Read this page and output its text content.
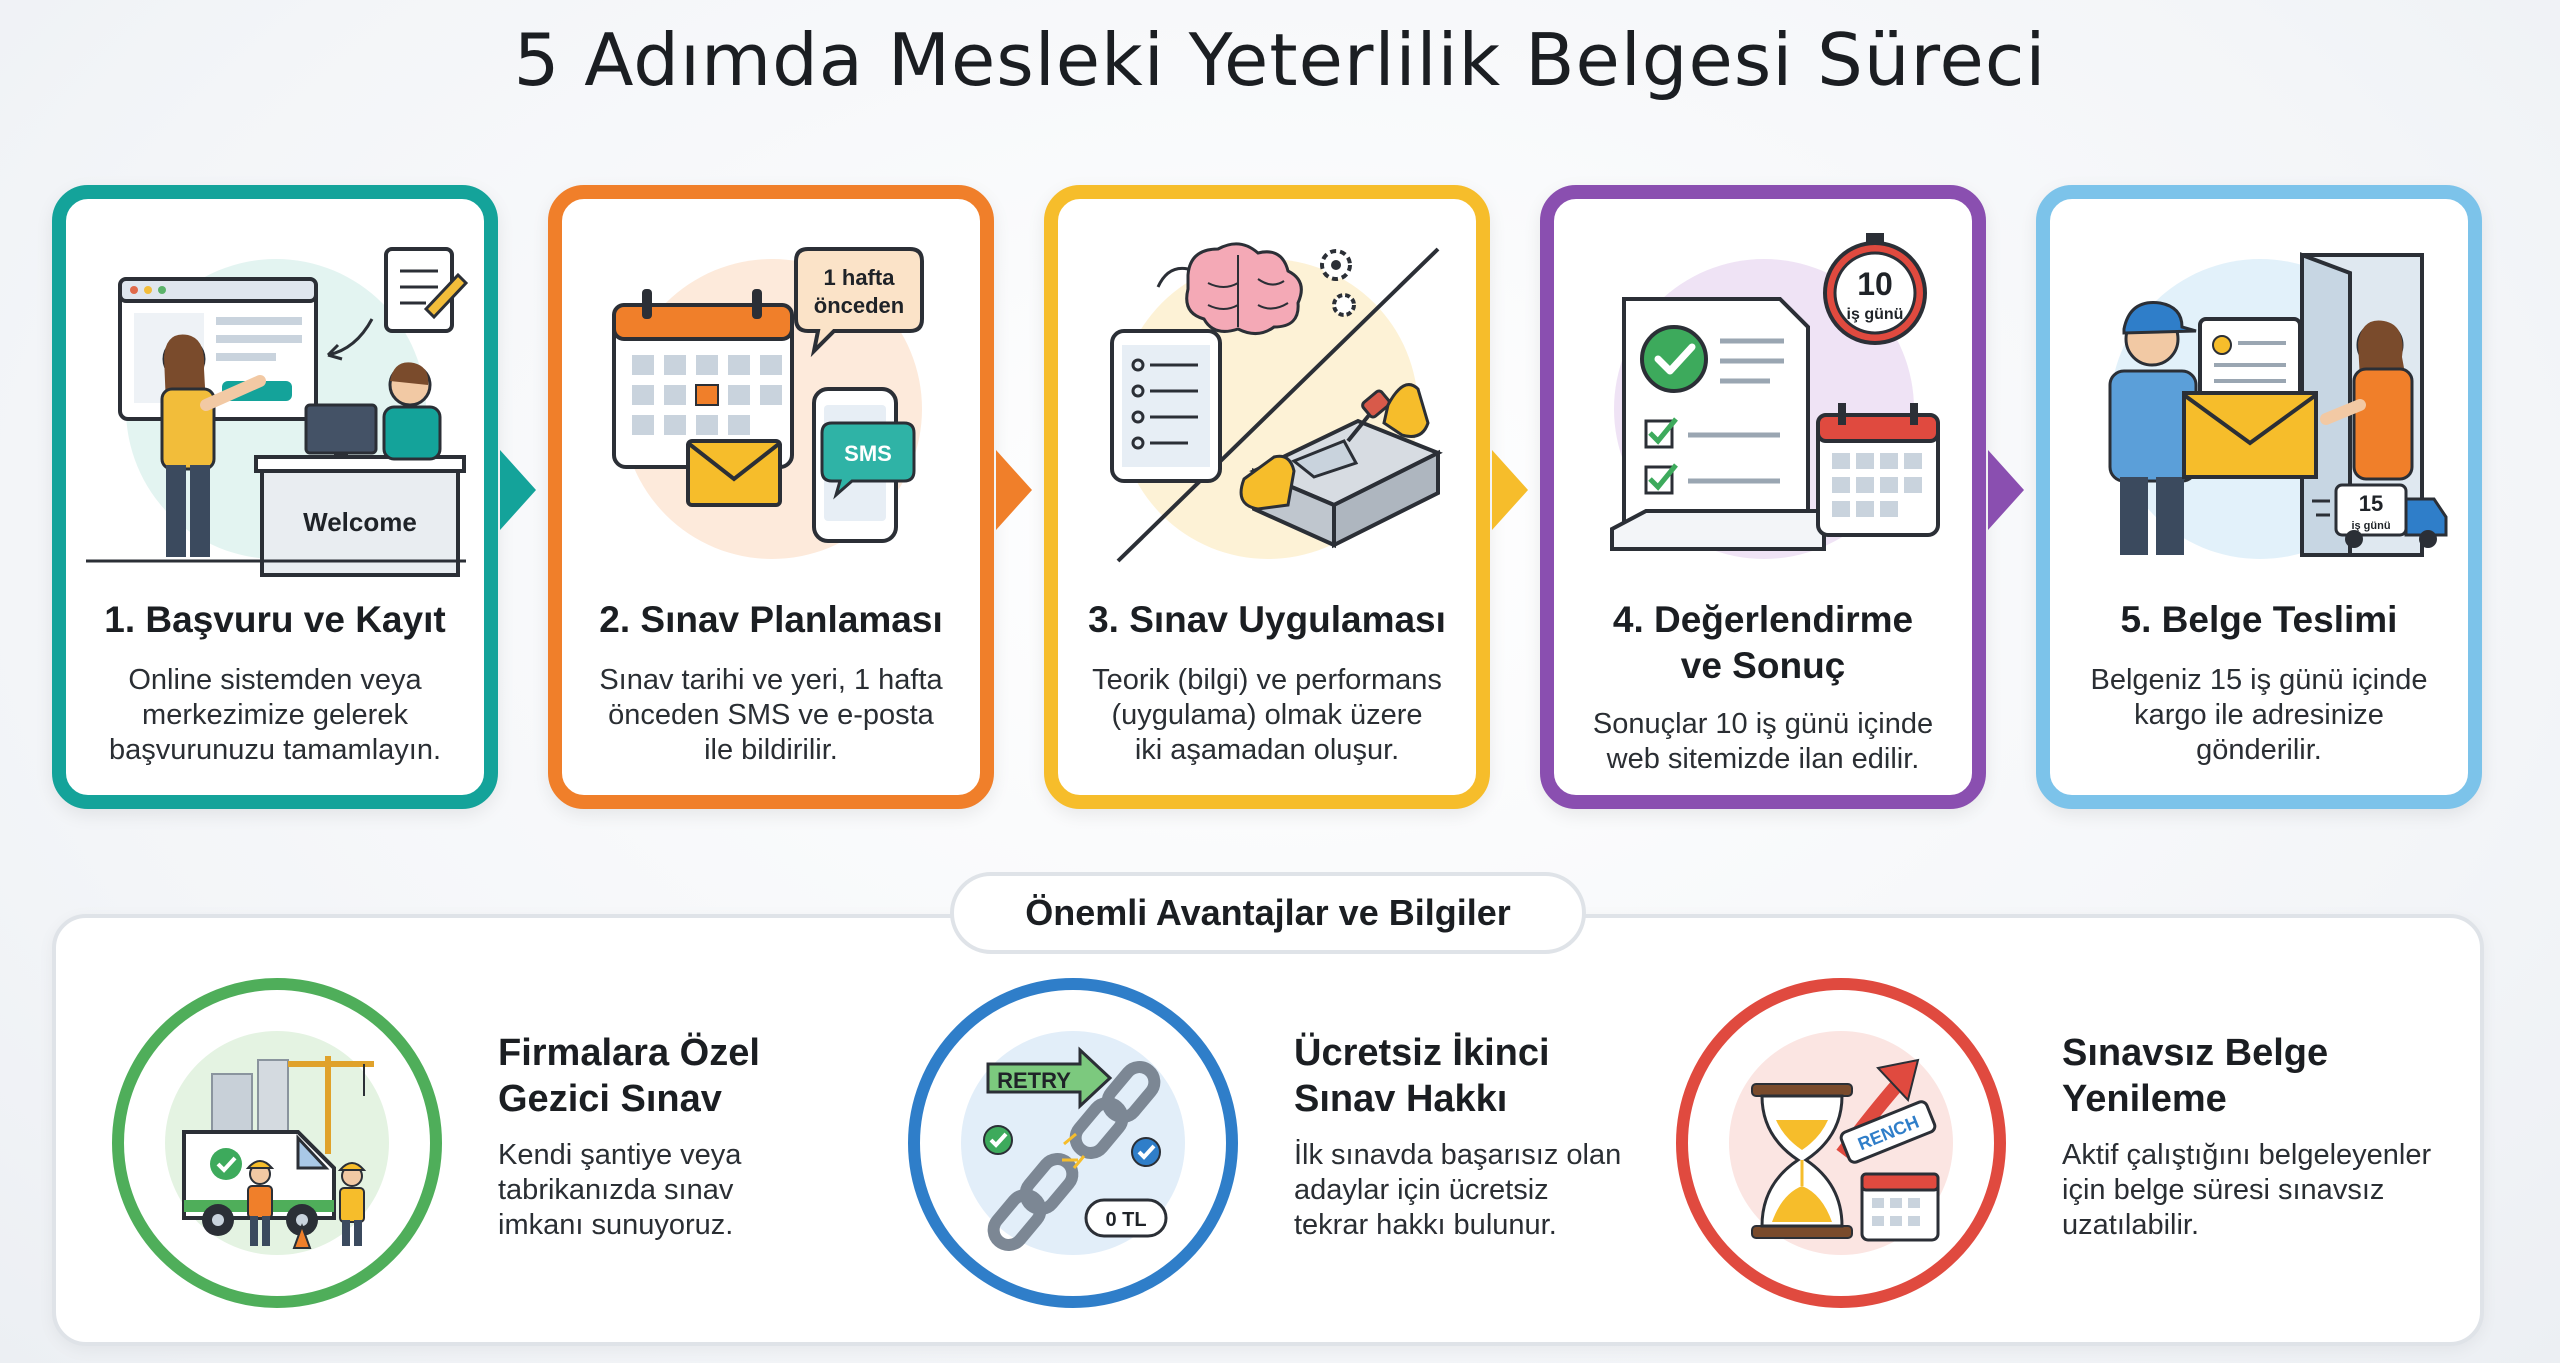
5 Adımda Mesleki Yeterlilik Belgesi Süreci
Welcome
1. Başvuru ve Kayıt
Online sistemden veya
merkezimize gelerek
başvurunuzu tamamlayın.
1 hafta
önceden
SMS
2. Sınav Planlaması
Sınav tarihi ve yeri, 1 hafta
önceden SMS ve e-posta
ile bildirilir.
3. Sınav Uygulaması
Teorik (bilgi) ve performans
(uygulama) olmak üzere
iki aşamadan oluşur.
10
iş günü
4. Değerlendirme
ve Sonuç
Sonuçlar 10 iş günü içinde
web sitemizde ilan edilir.
15
iş günü
5. Belge Teslimi
Belgeniz 15 iş günü içinde
kargo ile adresinize
gönderilir.
Önemli Avantajlar ve Bilgiler
Firmalara Özel
Gezici Sınav
Kendi şantiye veya
tabrikanızda sınav
imkanı sunuyoruz.
RETRY
0 TL
Ücretsiz İkinci
Sınav Hakkı
İlk sınavda başarısız olan
adaylar için ücretsiz
tekrar hakkı bulunur.
RENCH
Sınavsız Belge
Yenileme
Aktif çalıştığını belgeleyenler
için belge süresi sınavsız
uzatılabilir.
